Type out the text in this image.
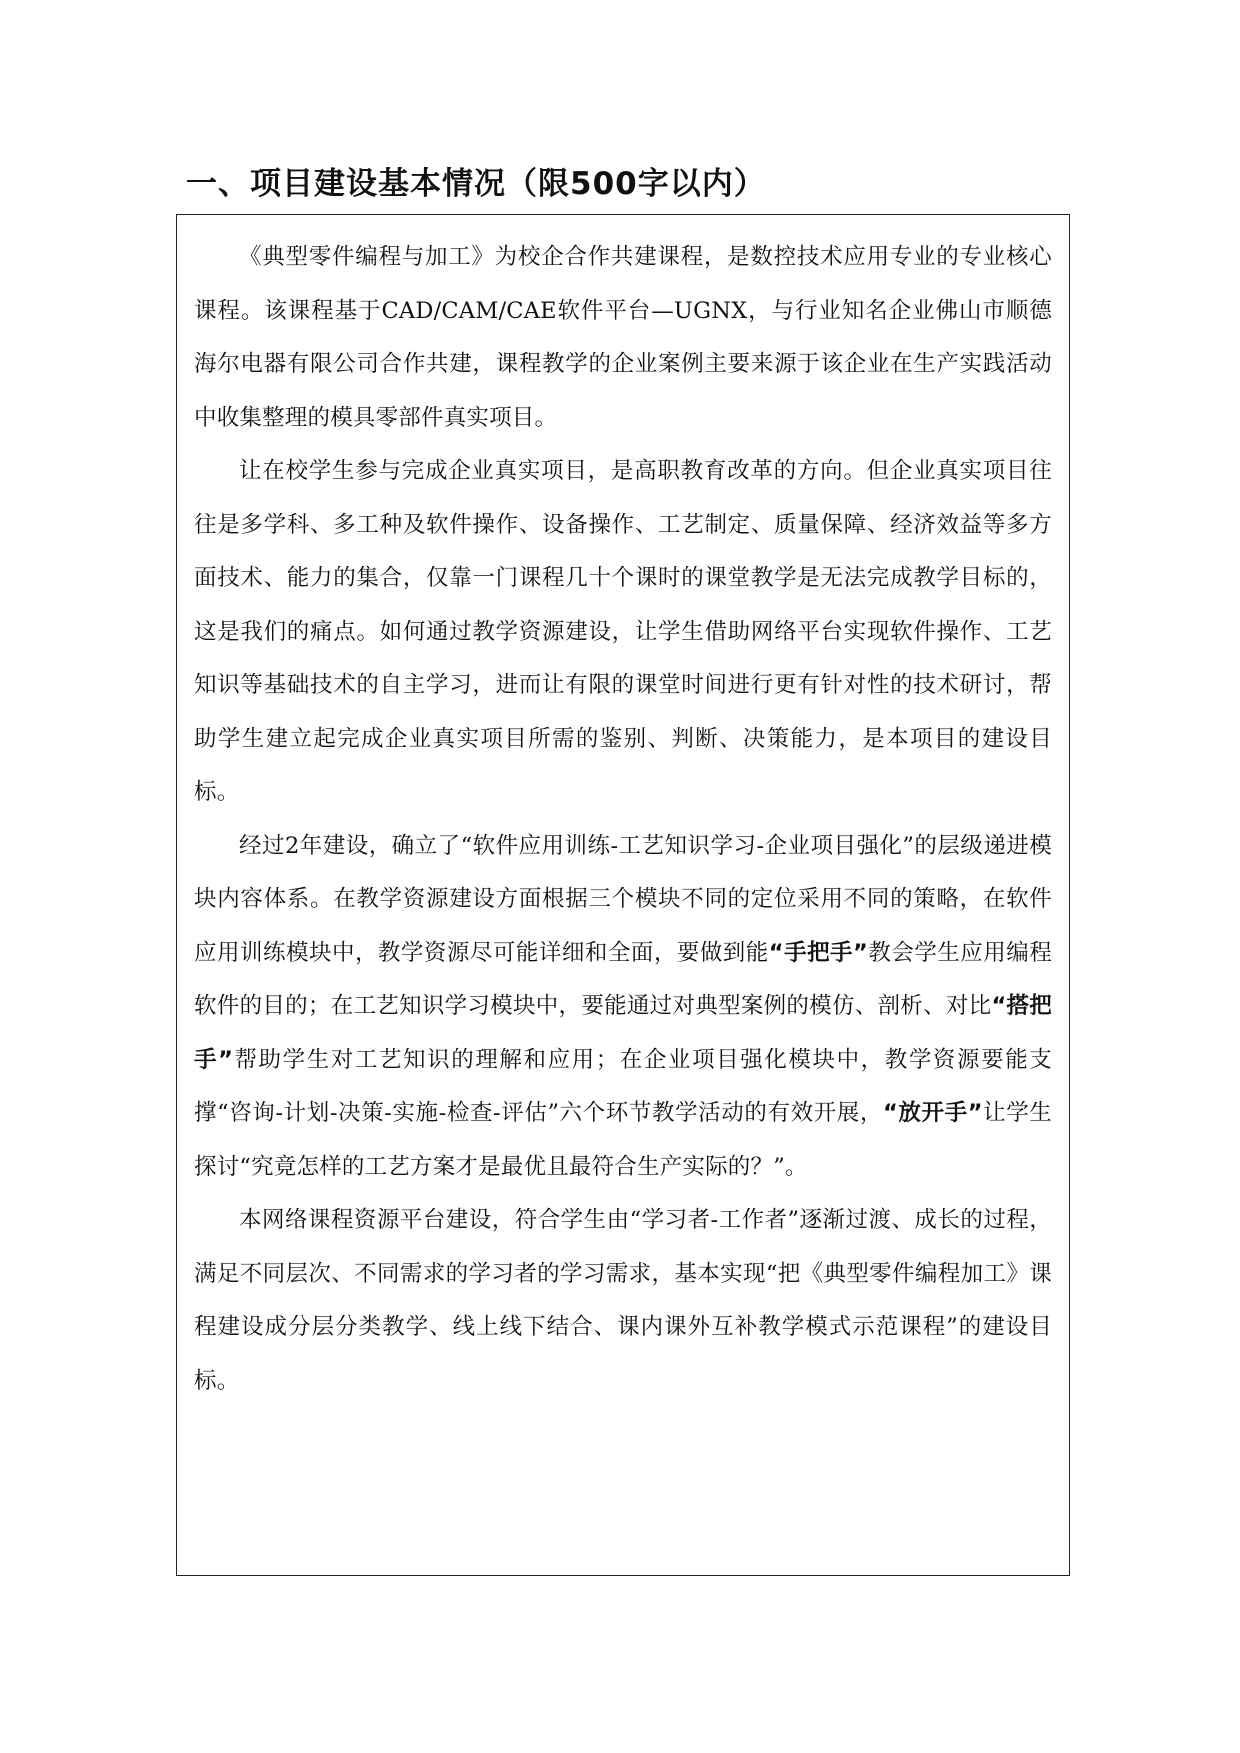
一、项目建设基本情况（限500字以内）

《典型零件编程与加工》为校企合作共建课程，是数控技术应用专业的专业核心课程。该课程基于CAD/CAM/CAE软件平台—UGNX，与行业知名企业佛山市顺德海尔电器有限公司合作共建，课程教学的企业案例主要来源于该企业在生产实践活动中收集整理的模具零部件真实项目。

让在校学生参与完成企业真实项目，是高职教育改革的方向。但企业真实项目往往是多学科、多工种及软件操作、设备操作、工艺制定、质量保障、经济效益等多方面技术、能力的集合，仅靠一门课程几十个课时的课堂教学是无法完成教学目标的，这是我们的痛点。如何通过教学资源建设，让学生借助网络平台实现软件操作、工艺知识等基础技术的自主学习，进而让有限的课堂时间进行更有针对性的技术研讨，帮助学生建立起完成企业真实项目所需的鉴别、判断、决策能力，是本项目的建设目标。

经过2年建设，确立了“软件应用训练-工艺知识学习-企业项目强化”的层级递进模块内容体系。在教学资源建设方面根据三个模块不同的定位采用不同的策略，在软件应用训练模块中，教学资源尽可能详细和全面，要做到能“手把手”教会学生应用编程软件的目的；在工艺知识学习模块中，要能通过对典型案例的模仿、剖析、对比“搭把手”帮助学生对工艺知识的理解和应用；在企业项目强化模块中，教学资源要能支撑“咨询-计划-决策-实施-检查-评估”六个环节教学活动的有效开展，“放开手”让学生探讨“究竟怎样的工艺方案才是最优且最符合生产实际的？”。

本网络课程资源平台建设，符合学生由“学习者-工作者”逐渐过渡、成长的过程，满足不同层次、不同需求的学习者的学习需求，基本实现“把《典型零件编程加工》课程建设成分层分类教学、线上线下结合、课内课外互补教学模式示范课程”的建设目标。
